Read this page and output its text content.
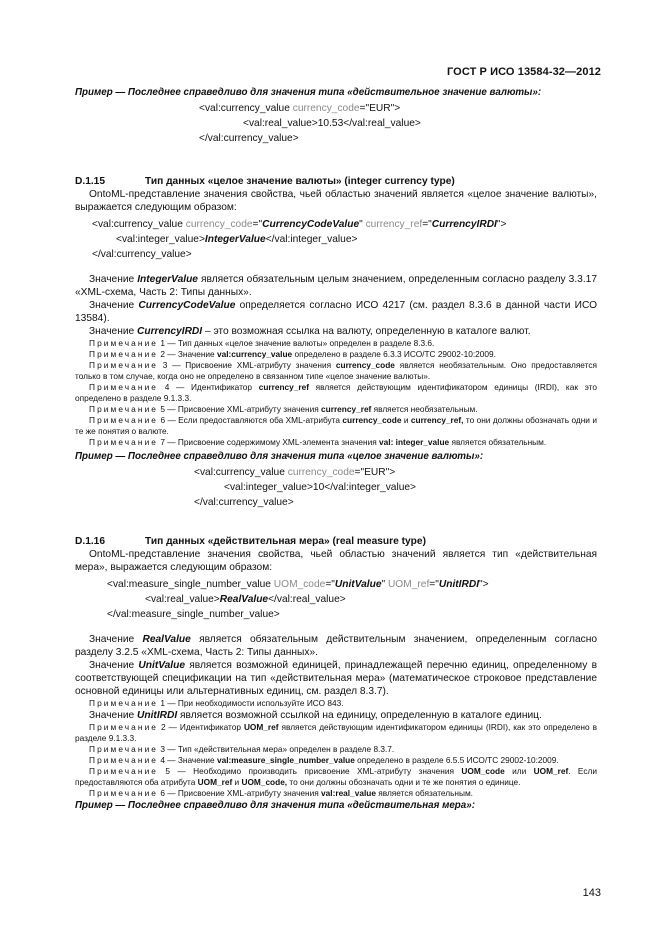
ГОСТ Р ИСО 13584-32—2012

Пример — Последнее справедливо для значения типа «действительное значение валюты»:

<val:currency_value currency_code="EUR">
<val:real_value>10.53</val:real_value>
</val:currency_value>
D.1.15	Тип данных «целое значение валюты» (integer currency type)

OntoML-представление значения свойства, чьей областью значений является «целое значение валюты», выражается следующим образом:

<val:currency_value currency_code="CurrencyCodeValue" currency_ref="CurrencyIRDI">
<val:integer_value>IntegerValue</val:integer_value>
</val:currency_value>

Значение IntegerValue является обязательным целым значением, определенным согласно разделу 3.3.17 «XML-схема, Часть 2: Типы данных».

Значение CurrencyCodeValue определяется согласно ИСО 4217 (см. раздел 8.3.6 в данной части ИСО 13584).

Значение CurrencyIRDI – это возможная ссылка на валюту, определенную в каталоге валют.

Примечание 1 — Тип данных «целое значение валюты» определен в разделе 8.3.6.

Примечание 2 — Значение val:currency_value определено в разделе 6.3.3 ИСО/ТС 29002-10:2009.

Примечание 3 — Присвоение XML-атрибуту значения currency_code является необязательным. Оно предоставляется только в том случае, когда оно не определено в связанном типе «целое значение валюты».

Примечание 4 — Идентификатор currency_ref является действующим идентификатором единицы (IRDI), как это определено в разделе 9.1.3.3.

Примечание 5 — Присвоение XML-атрибуту значения currency_ref является необязательным.

Примечание 6 — Если предоставляются оба XML-атрибута currency_code и currency_ref, то они должны обозначать одни и те же понятия о валюте.

Примечание 7 — Присвоение содержимому XML-элемента значения val: integer_value является обязательным.

Пример — Последнее справедливо для значения типа «целое значение валюты»:

<val:currency_value currency_code="EUR">
<val:integer_value>10</val:integer_value>
</val:currency_value>
D.1.16	Тип данных «действительная мера» (real measure type)

OntoML-представление значения свойства, чьей областью значений является тип «действительная мера», выражается следующим образом:

<val:measure_single_number_value UOM_code="UnitValue" UOM_ref="UnitIRDI">
<val:real_value>RealValue</val:real_value>
</val:measure_single_number_value>

Значение RealValue является обязательным действительным значением, определенным согласно разделу 3.2.5 «XML-схема, Часть 2: Типы данных».

Значение UnitValue является возможной единицей, принадлежащей перечню единиц, определенному в соответствующей спецификации на тип «действительная мера» (математическое строковое представление основной единицы или альтернативных единиц, см. раздел 8.3.7).

Примечание 1 — При необходимости используйте ИСО 843.

Значение UnitIRDI является возможной ссылкой на единицу, определенную в каталоге единиц.

Примечание 2 — Идентификатор UOM_ref является действующим идентификатором единицы (IRDI), как это определено в разделе 9.1.3.3.

Примечание 3 — Тип «действительная мера» определен в разделе 8.3.7.

Примечание 4 — Значение val:measure_single_number_value определено в разделе 6.5.5 ИСО/ТС 29002-10:2009.

Примечание 5 — Необходимо производить присвоение XML-атрибуту значения UOM_code или UOM_ref. Если предоставляются оба атрибута UOM_ref и UOM_code, то они должны обозначать одни и те же понятия о единице.

Примечание 6 — Присвоение XML-атрибуту значения val:real_value является обязательным.

Пример — Последнее справедливо для значения типа «действительная мера»:

143
